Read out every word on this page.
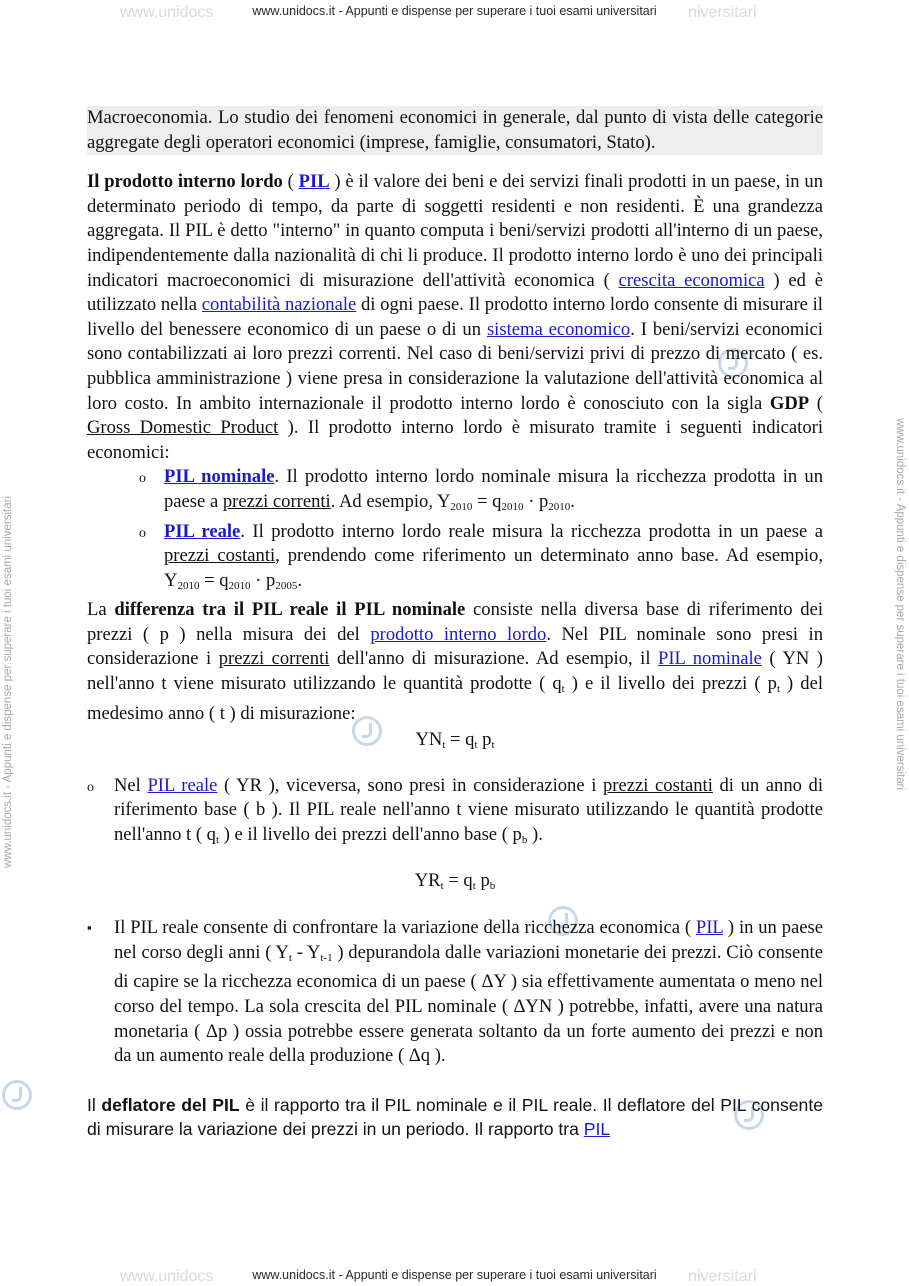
www.unidocs	niversitari
www.unidocs	niversitari
www.unidocs.it - Appunti e dispense per superare i tuoi esami universitari
www.unidocs.it - Appunti e dispense per superare i tuoi esami universitari
www.unidocs.it - Appunti e dispense per superare i tuoi esami universitari	www.unidocs.it - Appunti e dispense per superare i tuoi esami universitari

Macroeconomia. Lo studio dei fenomeni economici in generale, dal punto di vista delle categorie aggregate degli operatori economici (imprese, famiglie, consumatori, Stato).

Il prodotto interno lordo ( PIL ) è il valore dei beni e dei servizi finali prodotti in un paese, in un determinato periodo di tempo, da parte di soggetti residenti e non residenti. È una grandezza aggregata. Il PIL è detto "interno" in quanto computa i beni/servizi prodotti all'interno di un paese, indipendentemente dalla nazionalità di chi li produce. Il prodotto interno lordo è uno dei principali indicatori macroeconomici di misurazione dell'attività economica ( crescita economica ) ed è utilizzato nella contabilità nazionale di ogni paese. Il prodotto interno lordo consente di misurare il livello del benessere economico di un paese o di un sistema economico. I beni/servizi economici sono contabilizzati ai loro prezzi correnti. Nel caso di beni/servizi privi di prezzo di mercato ( es. pubblica amministrazione ) viene presa in considerazione la valutazione dell'attività economica al loro costo. In ambito internazionale il prodotto interno lordo è conosciuto con la sigla GDP ( Gross Domestic Product ). Il prodotto interno lordo è misurato tramite i seguenti indicatori economici:

o PIL nominale. Il prodotto interno lordo nominale misura la ricchezza prodotta in un paese a prezzi correnti. Ad esempio, $Y_{2010} = q_{2010} \cdot p_{2010}$.
o PIL reale. Il prodotto interno lordo reale misura la ricchezza prodotta in un paese a prezzi costanti, prendendo come riferimento un determinato anno base. Ad esempio, $Y_{2010} = q_{2010} \cdot p_{2005}$.

La differenza tra il PIL reale il PIL nominale consiste nella diversa base di riferimento dei prezzi ( p ) nella misura dei del prodotto interno lordo. Nel PIL nominale sono presi in considerazione i prezzi correnti dell'anno di misurazione. Ad esempio, il PIL nominale ( YN ) nell'anno t viene misurato utilizzando le quantità prodotte ( $q_t$ ) e il livello dei prezzi ( $p_t$ ) del medesimo anno ( t ) di misurazione:

$YN_t = q_t$ $p_t$
o Nel PIL reale ( YR ), viceversa, sono presi in considerazione i prezzi costanti di un anno di riferimento base ( b ). Il PIL reale nell'anno t viene misurato utilizzando le quantità prodotte nell'anno t ( $q_t$ ) e il livello dei prezzi dell'anno base ( $p_b$ ).
$YR_t = q_t$ $p_b$
▪ Il PIL reale consente di confrontare la variazione della ricchezza economica ( PIL ) in un paese nel corso degli anni ( $Y_t - Y_{t-1}$ ) depurandola dalle variazioni monetarie dei prezzi. Ciò consente di capire se la ricchezza economica di un paese ( ΔY ) sia effettivamente aumentata o meno nel corso del tempo. La sola crescita del PIL nominale ( ΔYN ) potrebbe, infatti, avere una natura monetaria ( Δp ) ossia potrebbe essere generata soltanto da un forte aumento dei prezzi e non da un aumento reale della produzione ( Δq ).

Il deflatore del PIL è il rapporto tra il PIL nominale e il PIL reale. Il deflatore del PIL consente di misurare la variazione dei prezzi in un periodo. Il rapporto tra PIL
